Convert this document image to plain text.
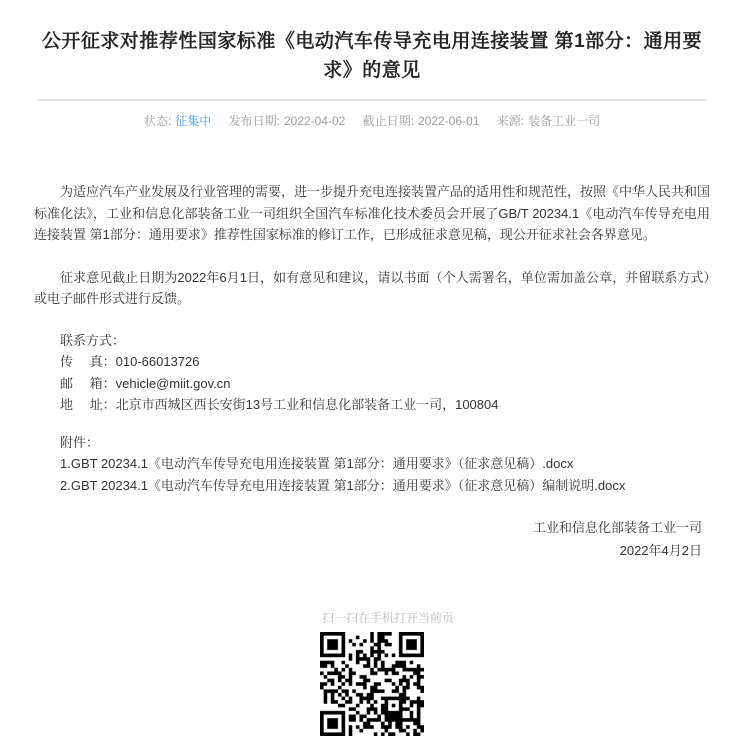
公开征求对推荐性国家标准《电动汽车传导充电用连接装置 第1部分：通用要求》的意见
状态: 征集中 发布日期: 2022-04-02 截止日期: 2022-06-01 来源: 装备工业一司

为适应汽车产业发展及行业管理的需要，进一步提升充电连接装置产品的适用性和规范性，按照《中华人民共和国标准化法》，工业和信息化部装备工业一司组织全国汽车标准化技术委员会开展了GB/T 20234.1《电动汽车传导充电用连接装置 第1部分：通用要求》推荐性国家标准的修订工作，已形成征求意见稿，现公开征求社会各界意见。

征求意见截止日期为2022年6月1日，如有意见和建议，请以书面（个人需署名，单位需加盖公章，并留联系方式）或电子邮件形式进行反馈。

联系方式：
传　 真：010-66013726
邮　 箱：vehicle@miit.gov.cn
地　 址：北京市西城区西长安街13号工业和信息化部装备工业一司，100804
附件：
1.GBT 20234.1《电动汽车传导充电用连接装置 第1部分：通用要求》（征求意见稿）.docx
2.GBT 20234.1《电动汽车传导充电用连接装置 第1部分：通用要求》（征求意见稿）编制说明.docx
工业和信息化部装备工业一司
2022年4月2日
扫一扫在手机打开当前页
